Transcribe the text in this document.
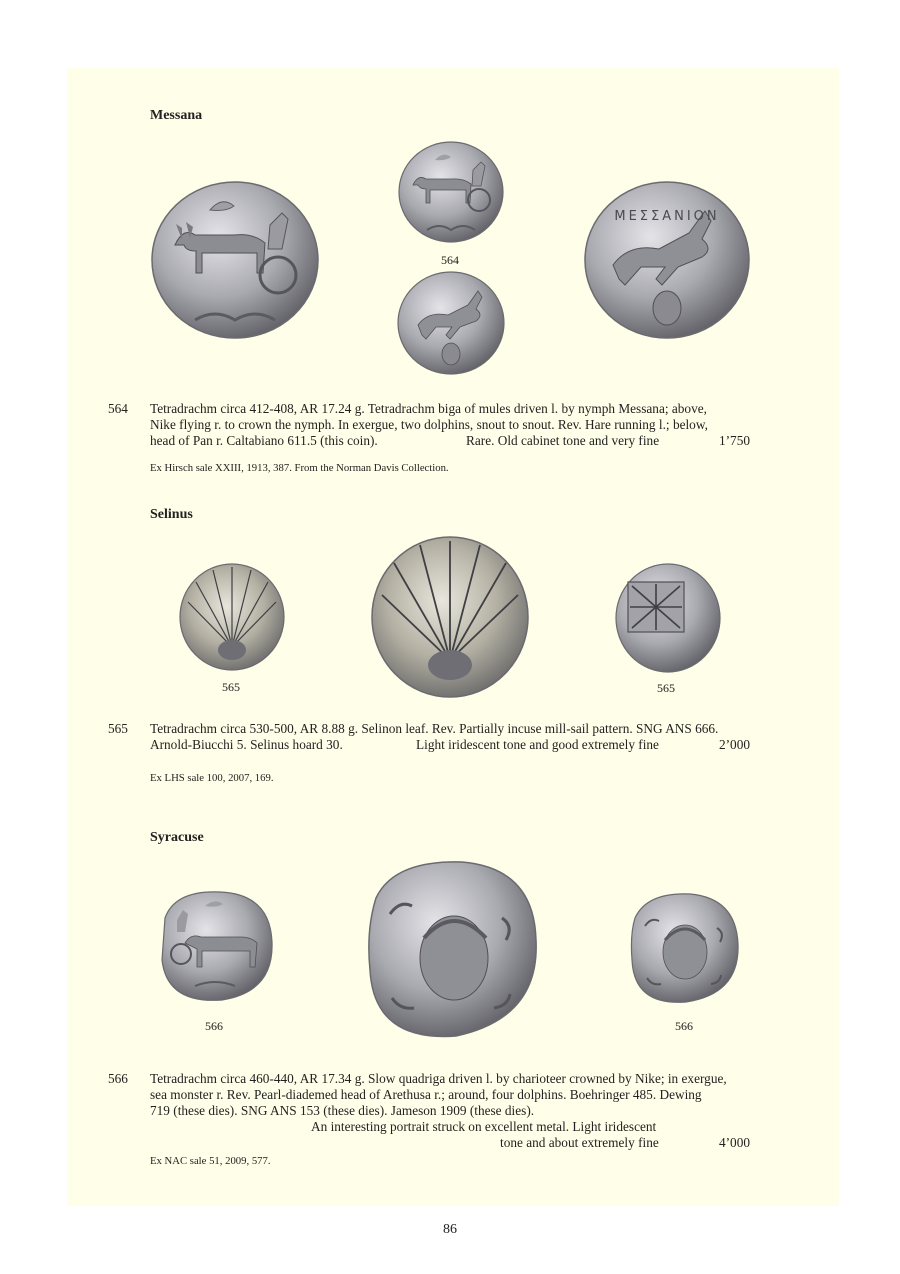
Messana
564
ΜΕΣΣΑΝΙΟΝ
564 Tetradrachm circa 412-408, AR 17.24 g. Tetradrachm biga of mules driven l. by nymph Messana; above,
Nike flying r. to crown the nymph. In exergue, two dolphins, snout to snout. Rev. Hare running l.; below,
head of Pan r. Caltabiano 611.5 (this coin).	Rare. Old cabinet tone and very fine	1’750
Ex Hirsch sale XXIII, 1913, 387. From the Norman Davis Collection.
Selinus
565	565
565 Tetradrachm circa 530-500, AR 8.88 g. Selinon leaf. Rev. Partially incuse mill-sail pattern. SNG ANS 666.
Arnold-Biucchi 5. Selinus hoard 30.	Light iridescent tone and good extremely fine	2’000
Ex LHS sale 100, 2007, 169.
Syracuse
566	566
566 Tetradrachm circa 460-440, AR 17.34 g. Slow quadriga driven l. by charioteer crowned by Nike; in exergue,
sea monster r. Rev. Pearl-diademed head of Arethusa r.; around, four dolphins. Boehringer 485. Dewing
719 (these dies). SNG ANS 153 (these dies). Jameson 1909 (these dies).
An interesting portrait struck on excellent metal. Light iridescent
tone and about extremely fine	4’000
Ex NAC sale 51, 2009, 577.
86
